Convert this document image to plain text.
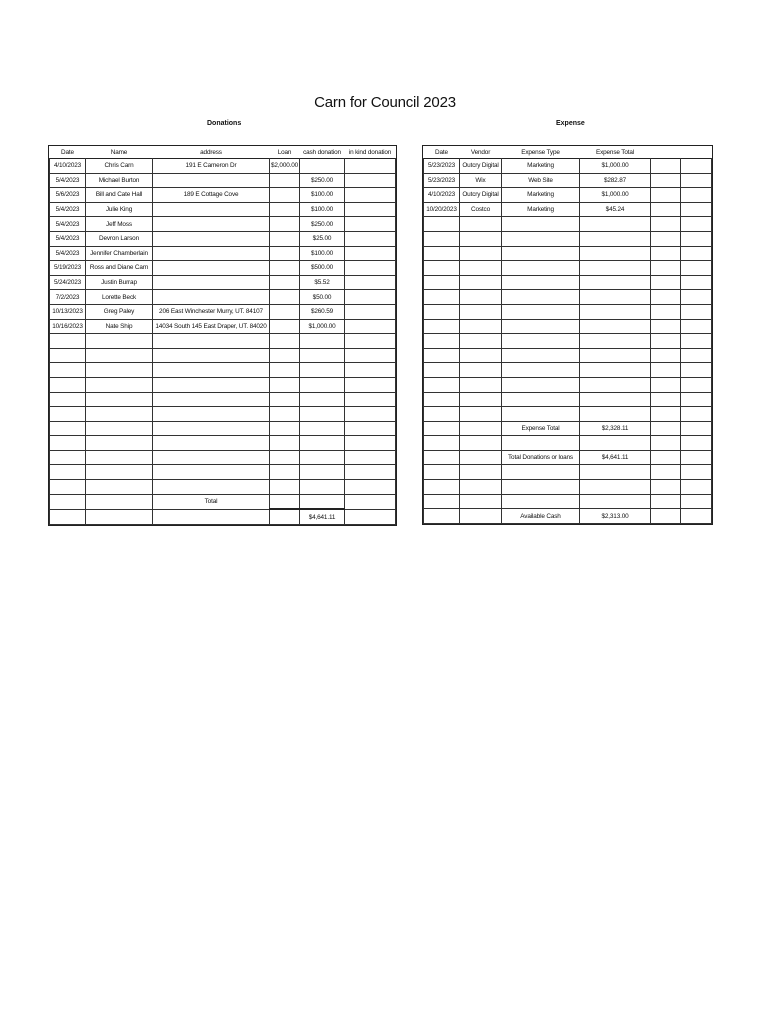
Carn for Council 2023
Donations	Expense
Date	Name	address	Loan	cash donation	in kind donation
4/10/2023	Chris Carn	191 E Cameron Dr	$2,000.00		
5/4/2023	Michael Burton			$250.00	
5/6/2023	Bill and Cate Hall	189 E Cottage Cove		$100.00	
5/4/2023	Julie King			$100.00	
5/4/2023	Jeff Moss			$250.00	
5/4/2023	Devron Larson			$25.00	
5/4/2023	Jennifer Chamberlain			$100.00	
5/19/2023	Ross and Diane Carn			$500.00	
5/24/2023	Justin Burrap			$5.52	
7/2/2023	Lorette Beck			$50.00	
10/13/2023	Greg Paley	206 East Winchester Murry, UT. 84107		$260.59	
10/16/2023	Nate Ship	14034 South 145 East Draper, UT. 84020		$1,000.00	

		Total			
				$4,641.11	
Date	Vendor	Expense Type	Expense Total		
5/23/2023	Outcry Digital	Marketing	$1,000.00		
5/23/2023	Wix	Web Site	$282.87		
4/10/2023	Outcry Digital	Marketing	$1,000.00		
10/20/2023	Costco	Marketing	$45.24		

		Expense Total	$2,328.11		

		Total Donations or loans	$4,641.11		

		Available Cash	$2,313.00		
